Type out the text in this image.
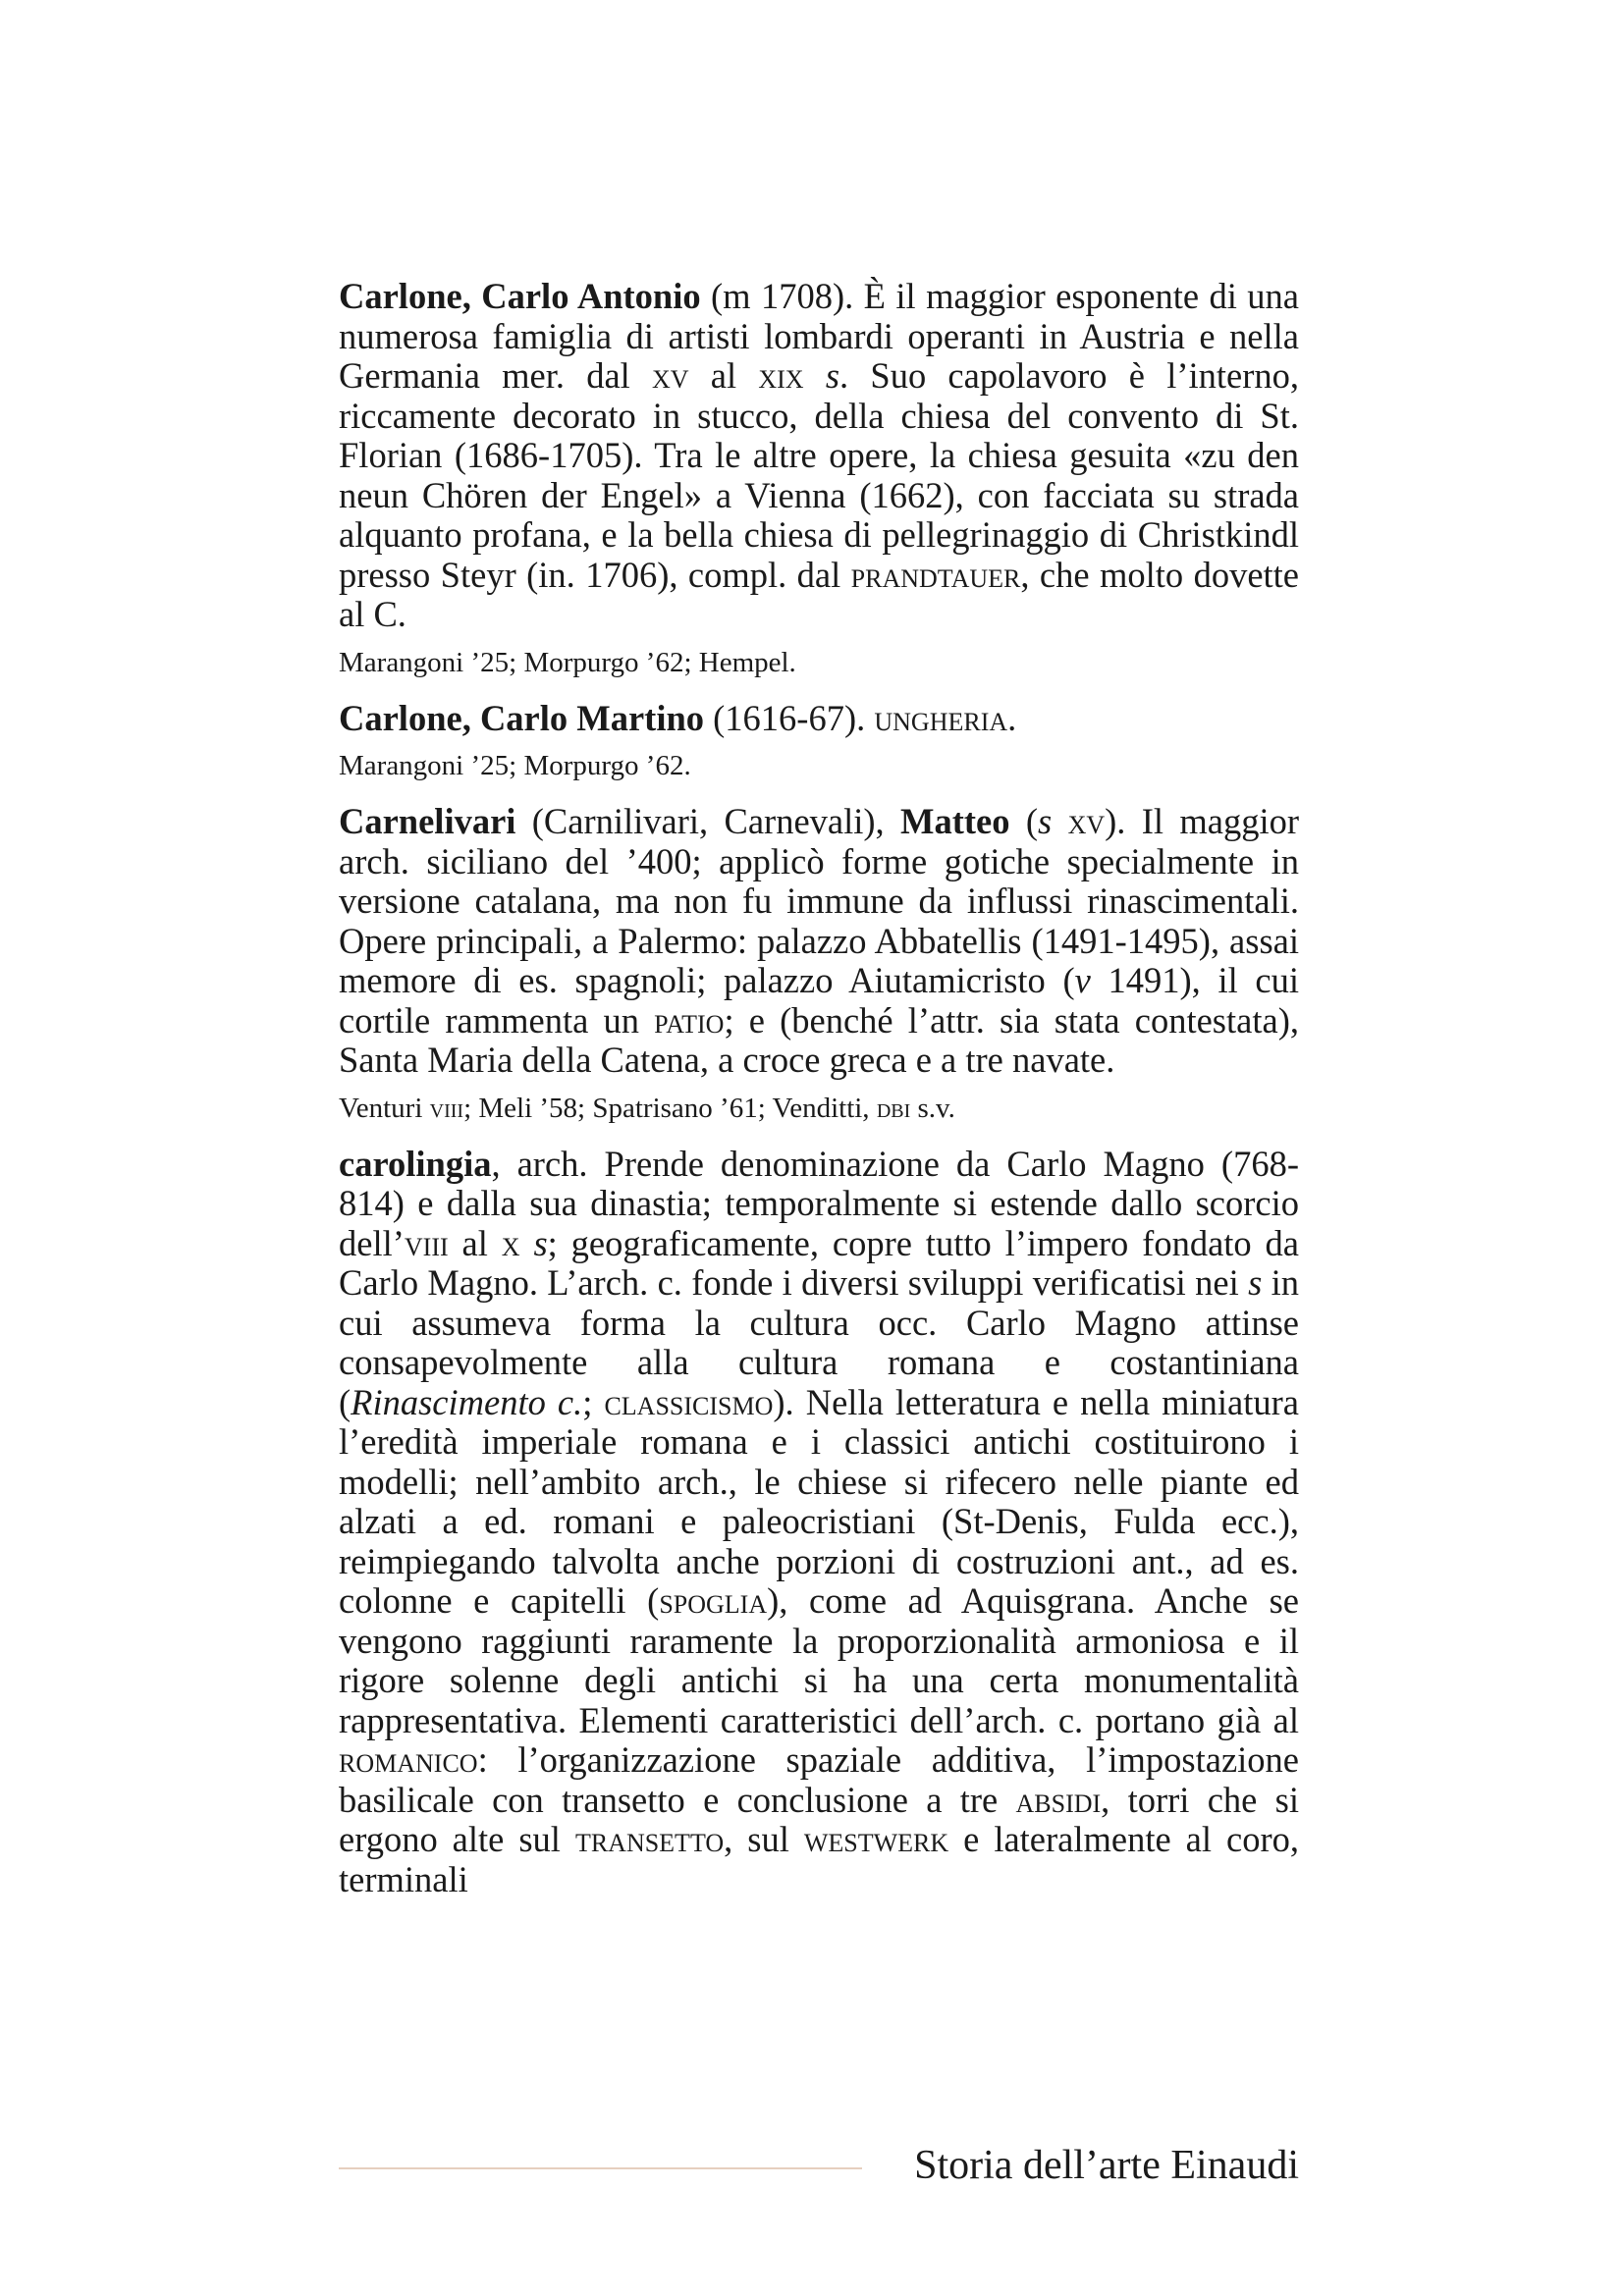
Carlone, Carlo Antonio (m 1708). È il maggior esponente di una numerosa famiglia di artisti lombardi operanti in Austria e nella Germania mer. dal xv al xix s. Suo capolavoro è l’interno, riccamente decorato in stucco, della chiesa del convento di St. Florian (1686-1705). Tra le altre opere, la chiesa gesuita «zu den neun Chören der Engel» a Vienna (1662), con facciata su strada alquanto profana, e la bella chiesa di pellegrinaggio di Christkindl presso Steyr (in. 1706), compl. dal prandtauer, che molto dovette al C.

Marangoni ’25; Morpurgo ’62; Hempel.

Carlone, Carlo Martino (1616-67). ungheria.

Marangoni ’25; Morpurgo ’62.

Carnelivari (Carnilivari, Carnevali), Matteo (s xv). Il maggior arch. siciliano del ’400; applicò forme gotiche specialmente in versione catalana, ma non fu immune da influssi rinascimentali. Opere principali, a Palermo: palazzo Abbatellis (1491-1495), assai memore di es. spagnoli; palazzo Aiutamicristo (v 1491), il cui cortile rammenta un patio; e (benché l’attr. sia stata contestata), Santa Maria della Catena, a croce greca e a tre navate.

Venturi viii; Meli ’58; Spatrisano ’61; Venditti, dbi s.v.

carolingia, arch. Prende denominazione da Carlo Magno (768-814) e dalla sua dinastia; temporalmente si estende dallo scorcio dell’viii al x s; geograficamente, copre tutto l’impero fondato da Carlo Magno. L’arch. c. fonde i diversi sviluppi verificatisi nei s in cui assumeva forma la cultura occ. Carlo Magno attinse consapevolmente alla cultura romana e costantiniana (Rinascimento c.; classicismo). Nella letteratura e nella miniatura l’eredità imperiale romana e i classici antichi costituirono i modelli; nell’ambito arch., le chiese si rifecero nelle piante ed alzati a ed. romani e paleocristiani (St-Denis, Fulda ecc.), reimpiegando talvolta anche porzioni di costruzioni ant., ad es. colonne e capitelli (spoglia), come ad Aquisgrana. Anche se vengono raggiunti raramente la proporzionalità armoniosa e il rigore solenne degli antichi si ha una certa monumentalità rappresentativa. Elementi caratteristici dell’arch. c. portano già al romanico: l’organizzazione spaziale additiva, l’impostazione basilicale con transetto e conclusione a tre absidi, torri che si ergono alte sul transetto, sul westwerk e lateralmente al coro, terminali

Storia dell’arte Einaudi
